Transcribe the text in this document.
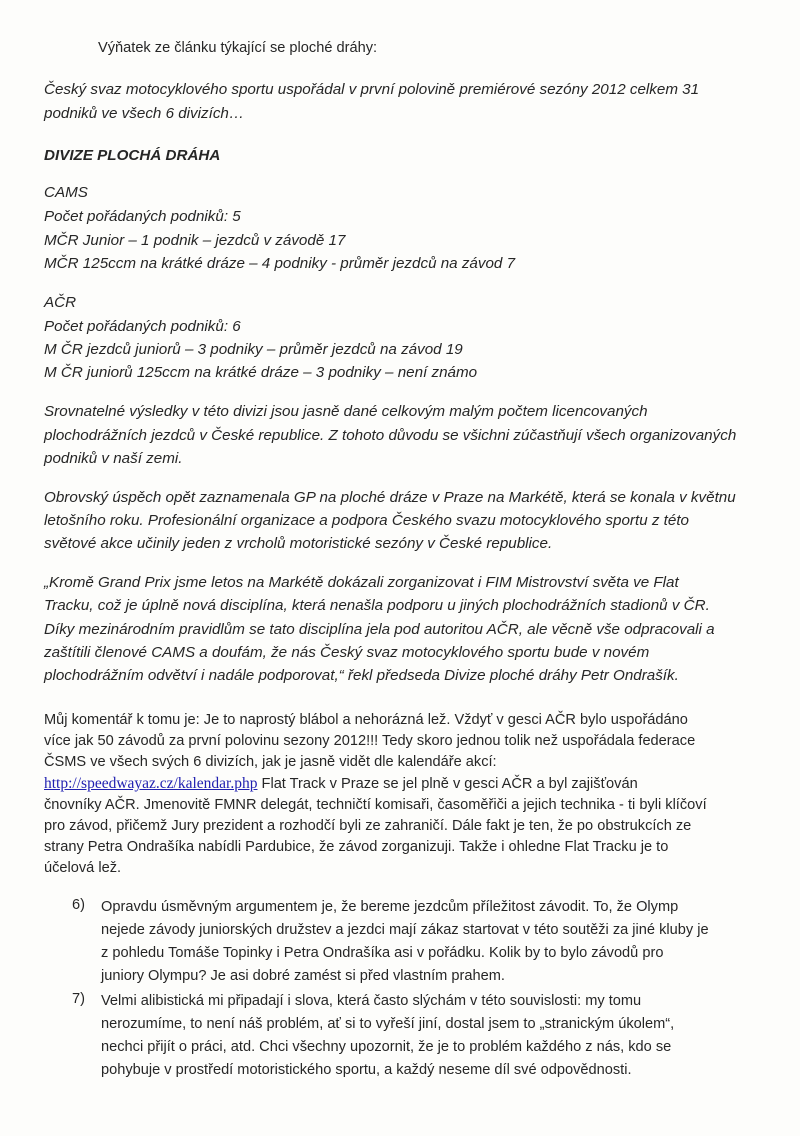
Výňatek ze článku týkající se ploché dráhy:
Český svaz motocyklového sportu uspořádal v první polovině premiérové sezóny 2012 celkem 31
podniků ve všech 6 divizích…
DIVIZE PLOCHÁ DRÁHA
CAMS
Počet pořádaných podniků: 5
MČR Junior – 1 podnik – jezdců v závodě 17
MČR 125ccm na krátké dráze – 4 podniky - průměr jezdců na závod 7
AČR
Počet pořádaných podniků: 6
M ČR jezdců juniorů – 3 podniky – průměr jezdců na závod 19
M ČR juniorů 125ccm na krátké dráze – 3 podniky – není známo
Srovnatelné výsledky v této divizi jsou jasně dané celkovým malým počtem licencovaných
plochodrážních jezdců v České republice. Z tohoto důvodu se všichni zúčastňují všech organizovaných
podniků v naší zemi.
Obrovský úspěch opět zaznamenala GP na ploché dráze v Praze na Markétě, která se konala v květnu
letošního roku. Profesionální organizace a podpora Českého svazu motocyklového sportu z této
světové akce učinily jeden z vrcholů motoristické sezóny v České republice.
„Kromě Grand Prix jsme letos na Markétě dokázali zorganizovat i FIM Mistrovství světa ve Flat
Tracku, což je úplně nová disciplína, která nenašla podporu u jiných plochodrážních stadionů v ČR.
Díky mezinárodním pravidlům se tato disciplína jela pod autoritou AČR, ale věcně vše odpracovali a
zaštítili členové CAMS a doufám, že nás Český svaz motocyklového sportu bude v novém
plochodrážním odvětví i nadále podporovat,“ řekl předseda Divize ploché dráhy Petr Ondrašík.
Můj komentář k tomu je: Je to naprostý blábol a nehorázná lež. Vždyť v gesci AČR bylo uspořádáno
více jak 50 závodů za první polovinu sezony 2012!!! Tedy skoro jednou tolik než uspořádala federace
ČSMS ve všech svých 6 divizích, jak je jasně vidět dle kalendáře akcí:
http://speedwayaz.cz/kalendar.php Flat Track v Praze se jel plně v gesci AČR a byl zajišťován
čnovníky AČR. Jmenovitě FMNR delegát, techničtí komisaři, časoměřiči a jejich technika - ti byli klíčoví
pro závod, přičemž Jury prezident a rozhodčí byli ze zahraničí. Dále fakt je ten, že po obstrukcích ze
strany Petra Ondrašíka nabídli Pardubice, že závod zorganizuji. Takže i ohledne Flat Tracku je to
účelová lež.
6) Opravdu úsměvným argumentem je, že bereme jezdcům příležitost závodit. To, že Olymp
nejede závody juniorských družstev a jezdci mají zákaz startovat v této soutěži za jiné kluby je
z pohledu Tomáše Topinky i Petra Ondrašíka asi v pořádku. Kolik by to bylo závodů pro
juniory Olympu? Je asi dobré zamést si před vlastním prahem.
7) Velmi alibistická mi připadají i slova, která často slýchám v této souvislosti: my tomu
nerozumíme, to není náš problém, ať si to vyřeší jiní, dostal jsem to „stranickým úkolem“,
nechci přijít o práci, atd. Chci všechny upozornit, že je to problém každého z nás, kdo se
pohybuje v prostředí motoristického sportu, a každý neseme díl své odpovědnosti.
